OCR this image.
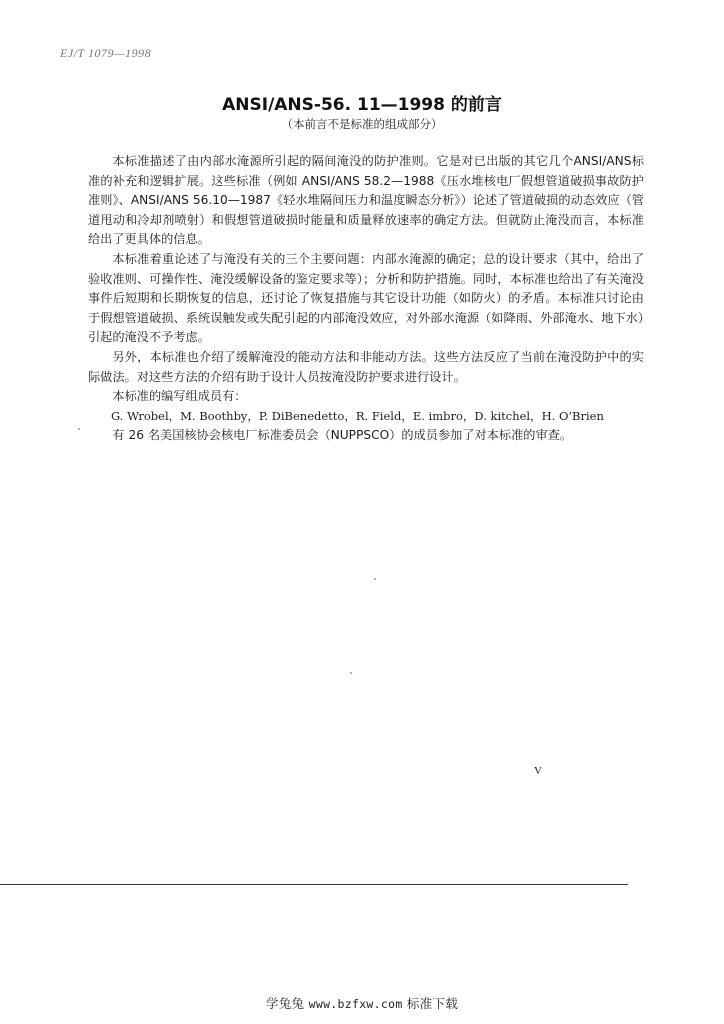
EJ/T 1079—1998
ANSI/ANS-56. 11—1998 的前言
（本前言不是标准的组成部分）

本标准描述了由内部水淹源所引起的隔间淹没的防护准则。它是对已出版的其它几个ANSI/ANS标准的补充和逻辑扩展。这些标准（例如 ANSI/ANS 58.2—1988《压水堆核电厂假想管道破损事故防护准则》、ANSI/ANS 56.10—1987《轻水堆隔间压力和温度瞬态分析》）论述了管道破损的动态效应（管道甩动和冷却剂喷射）和假想管道破损时能量和质量释放速率的确定方法。但就防止淹没而言，本标准给出了更具体的信息。

本标准着重论述了与淹没有关的三个主要问题：内部水淹源的确定；总的设计要求（其中，给出了验收准则、可操作性、淹没缓解设备的鉴定要求等）；分析和防护措施。同时，本标准也给出了有关淹没事件后短期和长期恢复的信息，还讨论了恢复措施与其它设计功能（如防火）的矛盾。本标准只讨论由于假想管道破损、系统误触发或失配引起的内部淹没效应，对外部水淹源（如降雨、外部淹水、地下水）引起的淹没不予考虑。

另外，本标准也介绍了缓解淹没的能动方法和非能动方法。这些方法反应了当前在淹没防护中的实际做法。对这些方法的介绍有助于设计人员按淹没防护要求进行设计。

本标准的编写组成员有：

G. Wrobel，M. Boothby，P. DiBenedetto，R. Field，E. imbro，D. kitchel，H. O’Brien

有 26 名美国核协会核电厂标准委员会（NUPPSCO）的成员参加了对本标准的审查。

V
学兔兔 www.bzfxw.com 标准下载
